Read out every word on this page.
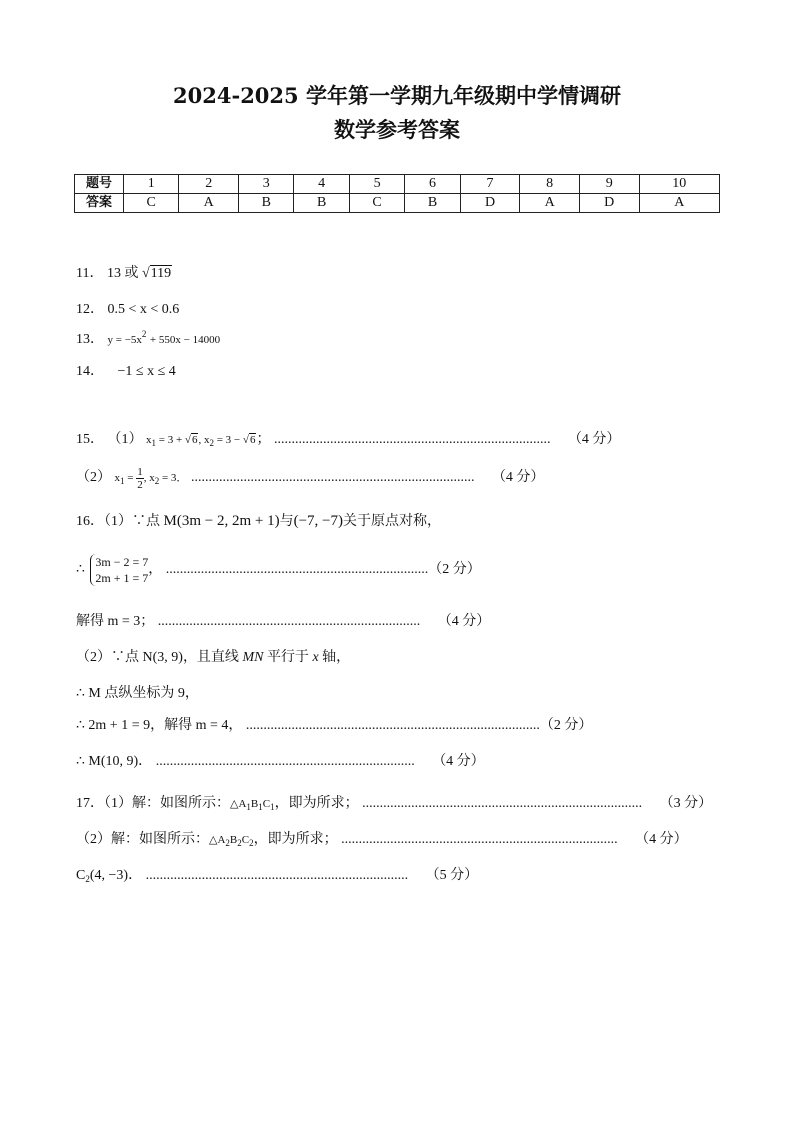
2024-2025 学年第一学期九年级期中学情调研
数学参考答案
题号	1	2	3	4	5	6	7	8	9	10
答案	C	A	B	B	C	B	D	A	D	A
11． 13 或 √119
12． 0.5 < x < 0.6
13． $y = -5x^2 + 550x - 14000$
14． −1 ≤ x ≤ 4
15． （1） $x_1 = 3 + √6$, $x_2 = 3 - √6$； ............................................................................... （4 分）
（2） $x_1 = \frac{1}{2}$ , $x_2 = 3$． ................................................................................. （4 分）
16．（1）∵点 M(3m − 2, 2m + 1)与(−7, −7)关于原点对称，
∴
3m − 2 = 7
2m + 1 = 7
， ...........................................................................（2 分）
解得 m = 3； ........................................................................... （4 分）
（2）∵点 N(3, 9)，且直线 MN 平行于 x 轴，
∴ M 点纵坐标为 9，
∴ 2m + 1 = 9，解得 m = 4， ....................................................................................（2 分）
∴ M(10, 9)． .......................................................................... （4 分）
17．（1）解：如图所示：$\triangle A_1B_1C_1$，即为所求； ................................................................................ （3 分）
（2）解：如图所示：$\triangle A_2B_2C_2$，即为所求； ............................................................................... （4 分）
$C_2(4$, −3)． ........................................................................... （5 分）
